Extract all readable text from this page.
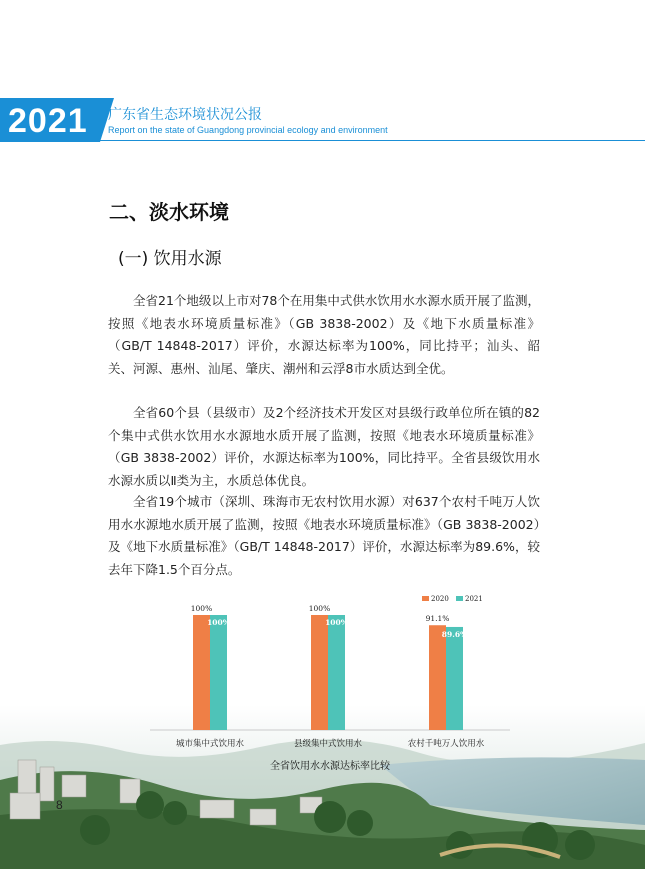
2021 广东省生态环境状况公报
Report on the state of Guangdong provincial ecology and environment
二、淡水环境
(一) 饮用水源

全省21个地级以上市对78个在用集中式供水饮用水水源水质开展了监测，按照《地表水环境质量标准》（GB 3838-2002）及《地下水质量标准》（GB/T 14848-2017）评价，水源达标率为100%，同比持平；汕头、韶关、河源、惠州、汕尾、肇庆、潮州和云浮8市水质达到全优。

全省60个县（县级市）及2个经济技术开发区对县级行政单位所在镇的82个集中式供水饮用水水源地水质开展了监测，按照《地表水环境质量标准》（GB 3838-2002）评价，水源达标率为100%，同比持平。全省县级饮用水水源水质以Ⅱ类为主，水质总体优良。

全省19个城市（深圳、珠海市无农村饮用水源）对637个农村千吨万人饮用水水源地水质开展了监测，按照《地表水环境质量标准》（GB 3838-2002）及《地下水质量标准》（GB/T 14848-2017）评价，水源达标率为89.6%，较去年下降1.5个百分点。

8
100%
100%
城市集中式饮用水
100%
100%
县级集中式饮用水
91.1%
89.6%
农村千吨万人饮用水
2020 2021
全省饮用水水源达标率比较
